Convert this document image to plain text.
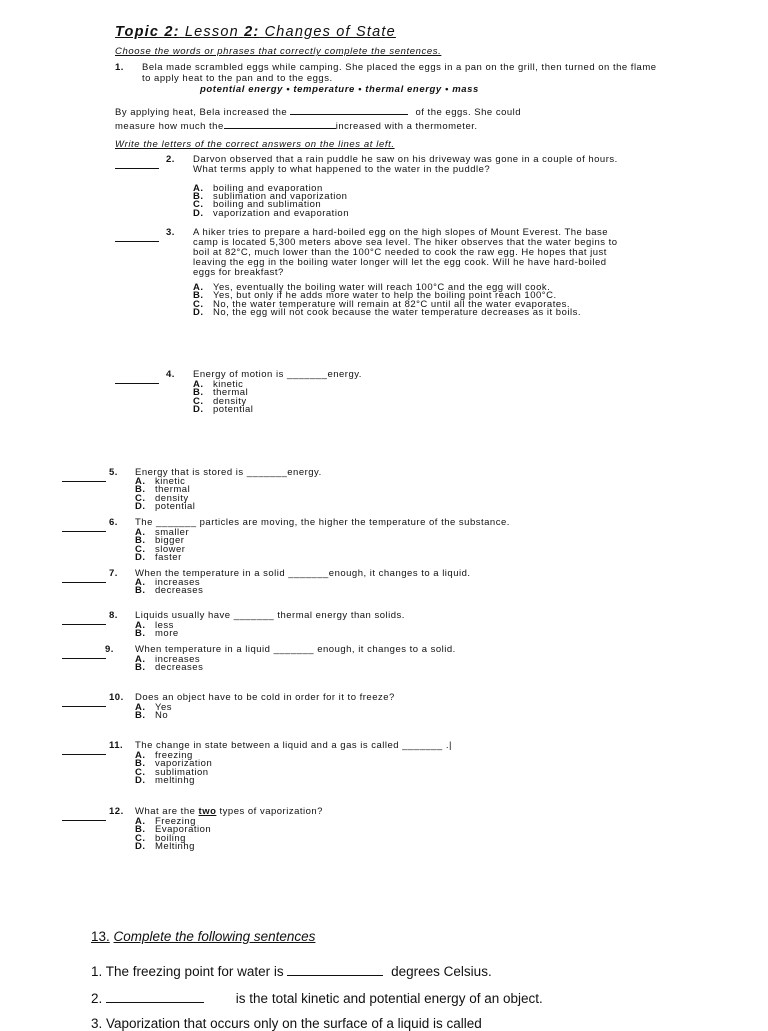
Topic 2: Lesson 2: Changes of State
Choose the words or phrases that correctly complete the sentences.
1. Bela made scrambled eggs while camping. She placed the eggs in a pan on the grill, then turned on the flame to apply heat to the pan and to the eggs.
potential energy • temperature • thermal energy • mass
By applying heat, Bela increased the	of the eggs. She could
measure how much the	increased with a thermometer.
Write the letters of the correct answers on the lines at left.
2. Darvon observed that a rain puddle he saw on his driveway was gone in a couple of hours. What terms apply to what happened to the water in the puddle?
A. boiling and evaporation
B. sublimation and vaporization
C. boiling and sublimation
D. vaporization and evaporation
3. A hiker tries to prepare a hard-boiled egg on the high slopes of Mount Everest. The base camp is located 5,300 meters above sea level. The hiker observes that the water begins to boil at 82°C, much lower than the 100°C needed to cook the raw egg. He hopes that just leaving the egg in the boiling water longer will let the egg cook. Will he have hard-boiled eggs for breakfast?
A.	Yes, eventually the boiling water will reach 100°C and the egg will cook.
B.	Yes, but only if he adds more water to help the boiling point reach 100°C.
C.	No, the water temperature will remain at 82°C until all the water evaporates.
D.	No, the egg will not cook because the water temperature decreases as it boils.
4. Energy of motion is _______energy.
A. kinetic
B. thermal
C. density
D. potential
5. Energy that is stored is _______energy.
A. kinetic
B. thermal
C. density
D. potential
6. The _______ particles are moving, the higher the temperature of the substance.
A. smaller
B. bigger
C. slower
D. faster
7. When the temperature in a solid _______enough, it changes to a liquid.
A. increases
B. decreases
8. Liquids usually have _______ thermal energy than solids.
A. less
B. more
9. When temperature in a liquid _______ enough, it changes to a solid.
A. increases
B. decreases
10. Does an object have to be cold in order for it to freeze?
A. Yes
B. No
11. The change in state between a liquid and a gas is called _______ .|
A. freezing
B. vaporization
C. sublimation
D. meltinhg
12. What are the two types of vaporization?
A. Freezing
B. Evaporation
C. boiling
D. Meltinhg
13. Complete the following sentences
1. The freezing point for water is	degrees Celsius.
2.	is the total kinetic and potential energy of an object.
3. Vaporization that occurs only on the surface of a liquid is called
